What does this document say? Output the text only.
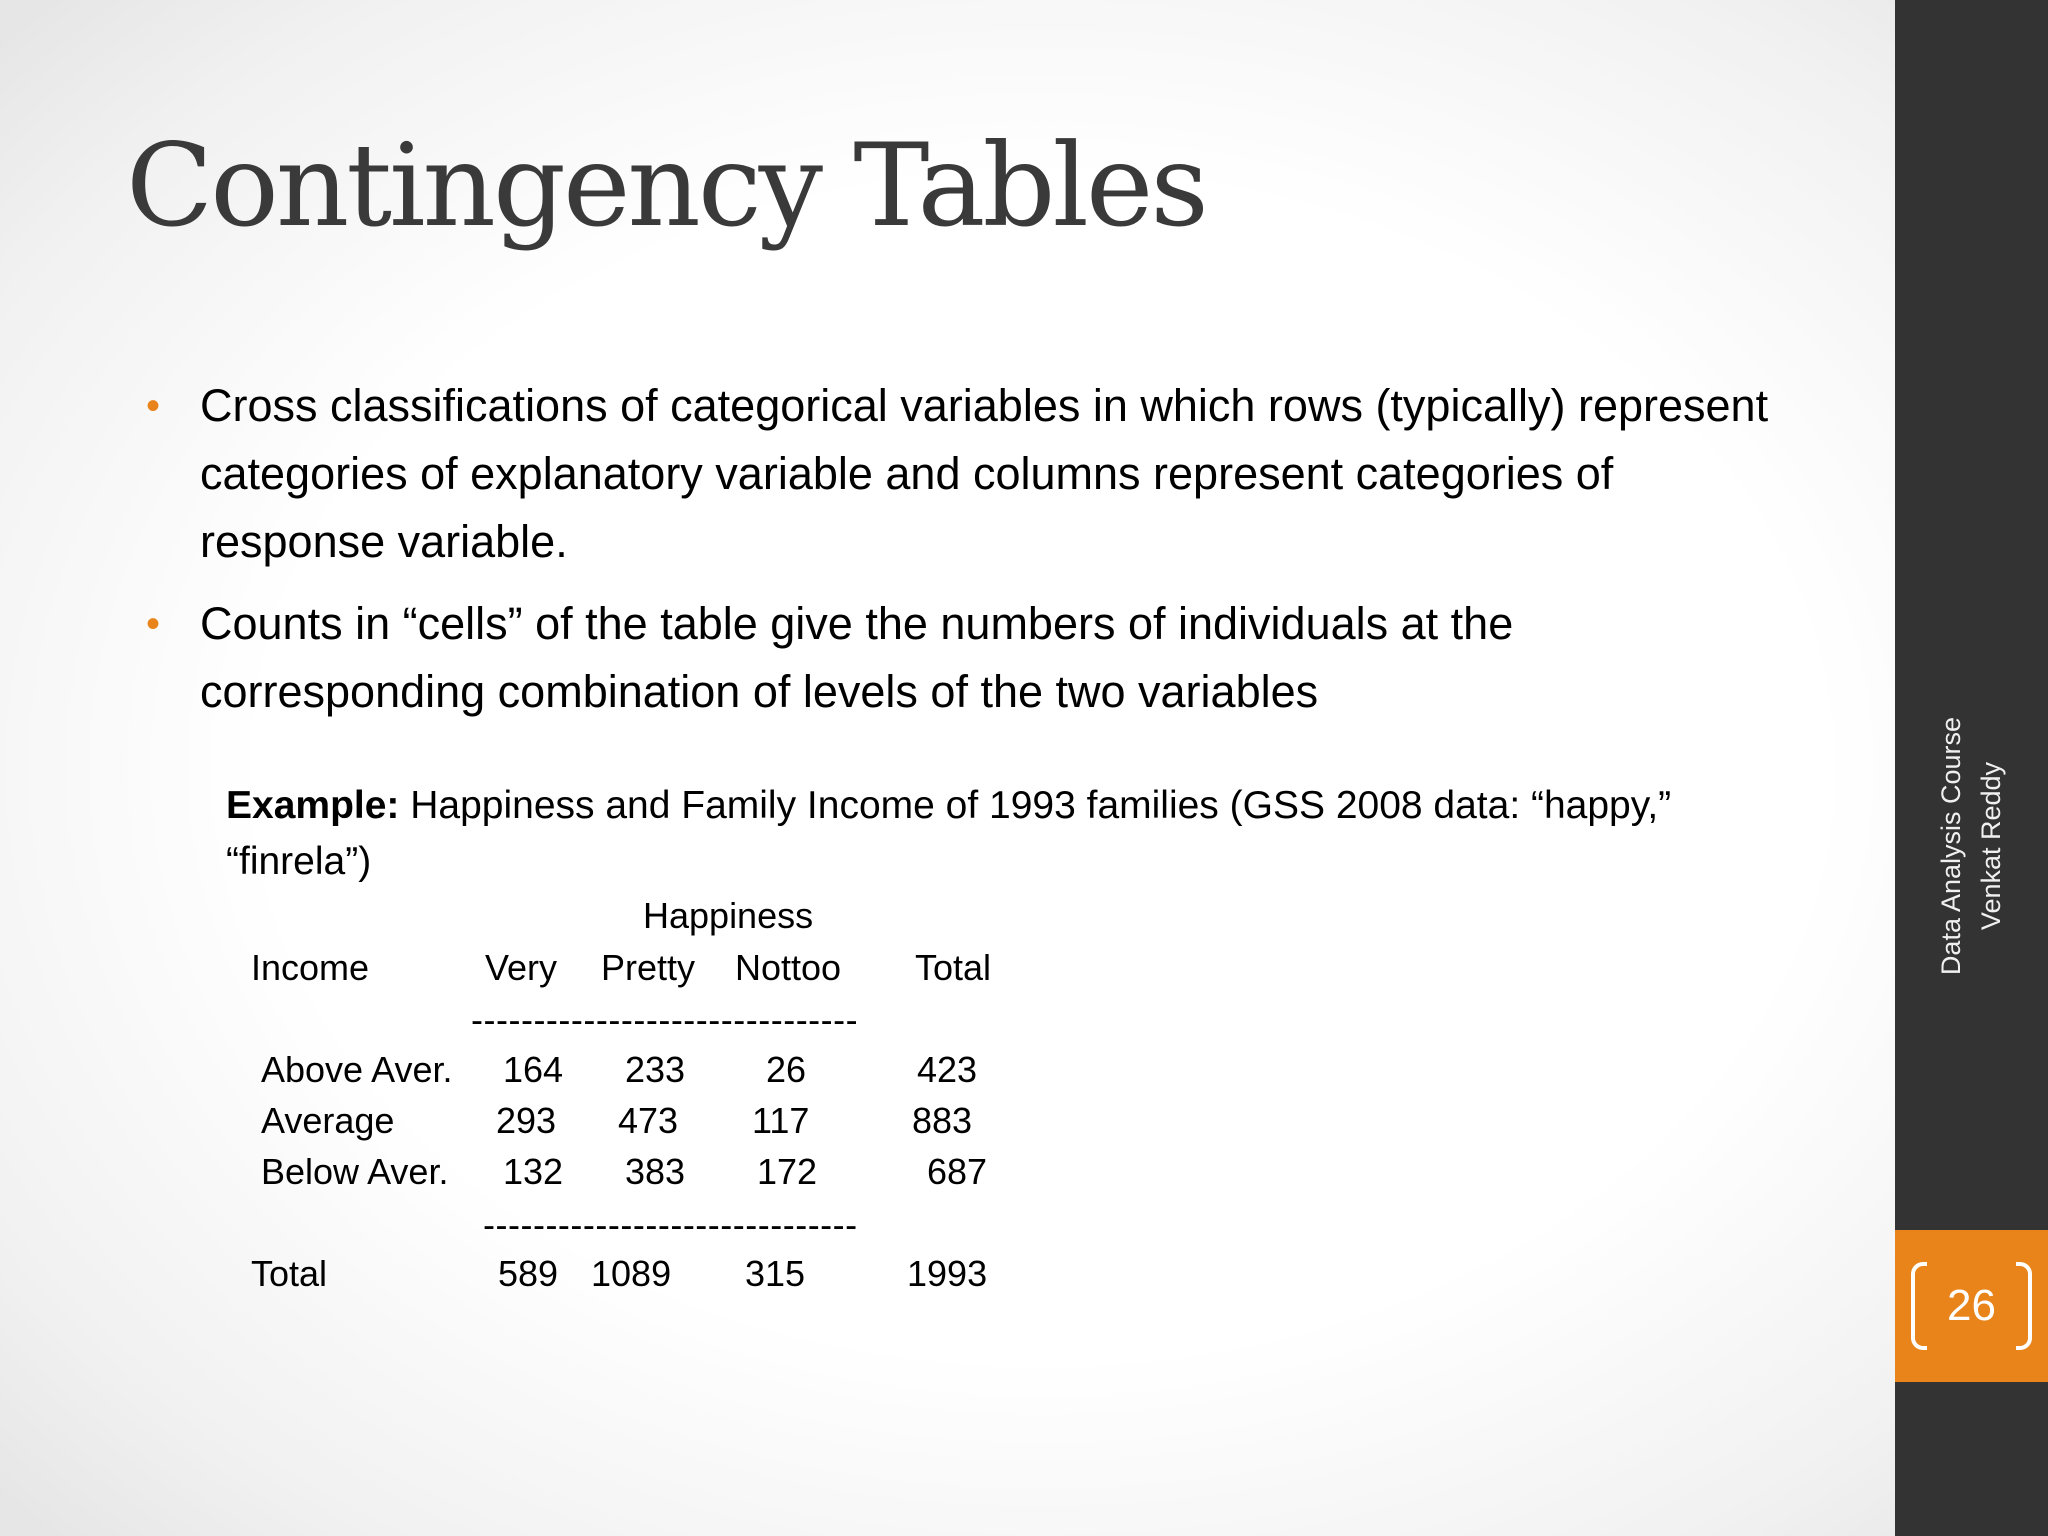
Contingency Tables
• Cross classifications of categorical variables in which rows (typically) represent categories of explanatory variable and columns represent categories of response variable.
• Counts in “cells” of the table give the numbers of individuals at the corresponding combination of levels of the two variables
Example: Happiness and Family Income of 1993 families (GSS 2008 data: “happy,” “finrela”)
Happiness
Income	Very Pretty Nottoo Total
-------------------------------
Above Aver. 164 233 26	423
Average	293 473 117	883
Below Aver. 132 383 172	687
------------------------------
Total	589 1089 315	1993
Data Analysis Course Venkat Reddy
26
